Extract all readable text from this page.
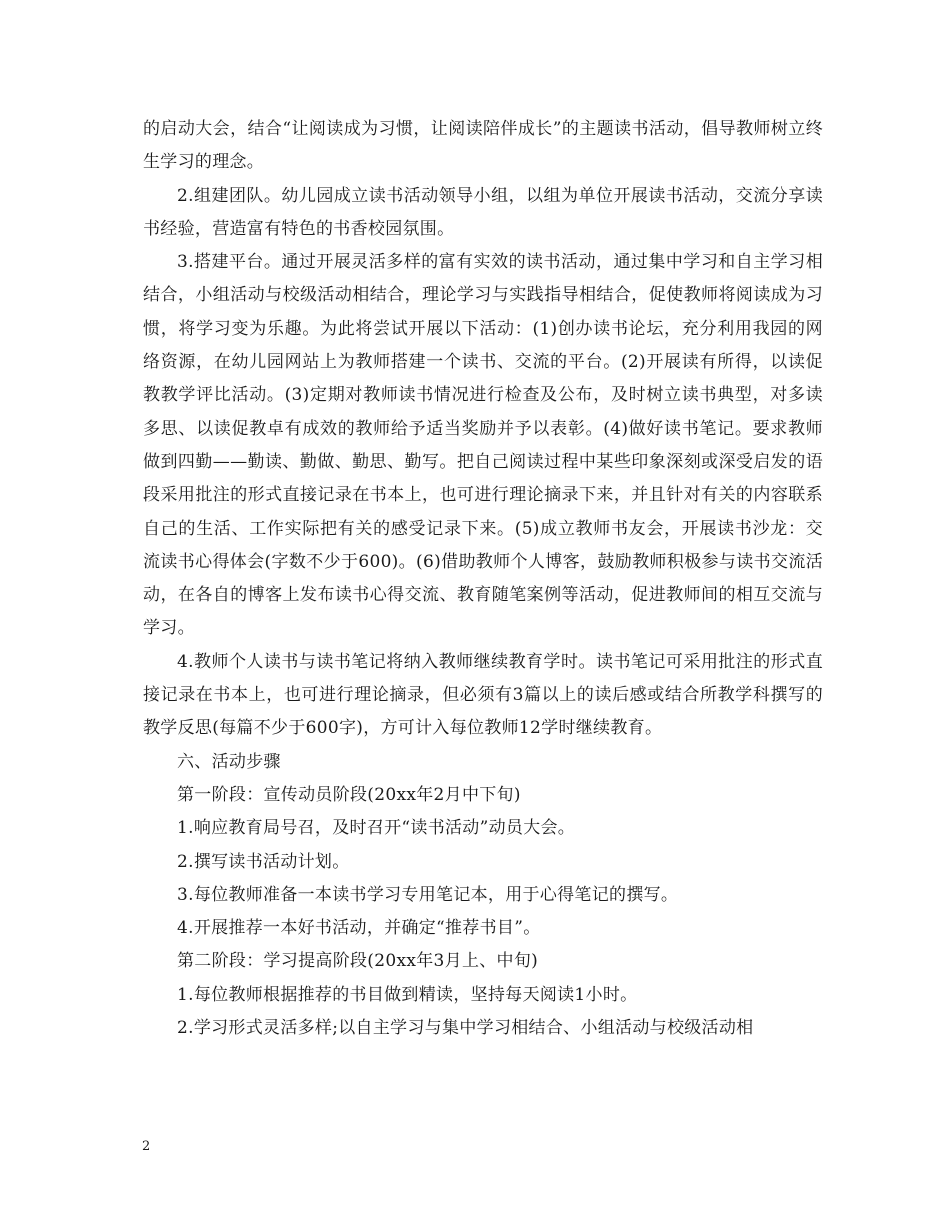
的启动大会，结合“让阅读成为习惯，让阅读陪伴成长”的主题读书活动，倡导教师树立终生学习的理念。

2.组建团队。幼儿园成立读书活动领导小组，以组为单位开展读书活动，交流分享读书经验，营造富有特色的书香校园氛围。

3.搭建平台。通过开展灵活多样的富有实效的读书活动，通过集中学习和自主学习相结合，小组活动与校级活动相结合，理论学习与实践指导相结合，促使教师将阅读成为习惯，将学习变为乐趣。为此将尝试开展以下活动：(1)创办读书论坛，充分利用我园的网络资源，在幼儿园网站上为教师搭建一个读书、交流的平台。(2)开展读有所得，以读促教教学评比活动。(3)定期对教师读书情况进行检查及公布，及时树立读书典型，对多读多思、以读促教卓有成效的教师给予适当奖励并予以表彰。(4)做好读书笔记。要求教师做到四勤——勤读、勤做、勤思、勤写。把自己阅读过程中某些印象深刻或深受启发的语段采用批注的形式直接记录在书本上，也可进行理论摘录下来，并且针对有关的内容联系自己的生活、工作实际把有关的感受记录下来。(5)成立教师书友会，开展读书沙龙：交流读书心得体会(字数不少于600)。(6)借助教师个人博客，鼓励教师积极参与读书交流活动，在各自的博客上发布读书心得交流、教育随笔案例等活动，促进教师间的相互交流与学习。

4.教师个人读书与读书笔记将纳入教师继续教育学时。读书笔记可采用批注的形式直接记录在书本上，也可进行理论摘录，但必须有3篇以上的读后感或结合所教学科撰写的教学反思(每篇不少于600字)，方可计入每位教师12学时继续教育。

六、活动步骤

第一阶段：宣传动员阶段(20xx年2月中下旬)

1.响应教育局号召，及时召开“读书活动”动员大会。

2.撰写读书活动计划。

3.每位教师准备一本读书学习专用笔记本，用于心得笔记的撰写。

4.开展推荐一本好书活动，并确定“推荐书目”。

第二阶段：学习提高阶段(20xx年3月上、中旬)

1.每位教师根据推荐的书目做到精读，坚持每天阅读1小时。

2.学习形式灵活多样;以自主学习与集中学习相结合、小组活动与校级活动相

2
